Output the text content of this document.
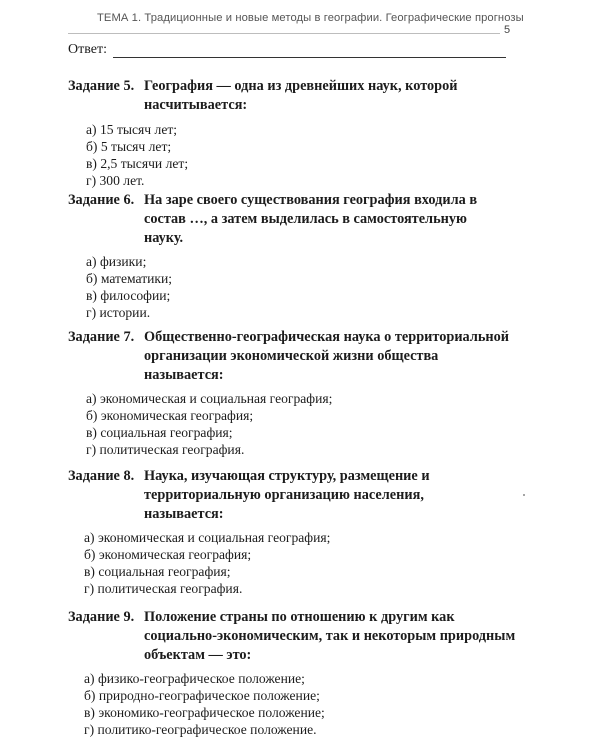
ТЕМА 1. Традиционные и новые методы в географии. Географические прогнозы
5
Ответ:
Задание 5. География — одна из древнейших наук, которой насчитывается:
а) 15 тысяч лет;
б) 5 тысяч лет;
в) 2,5 тысячи лет;
г) 300 лет.
Задание 6. На заре своего существования география входила в состав …, а затем выделилась в самостоятельную науку.
а) физики;
б) математики;
в) философии;
г) истории.
Задание 7. Общественно-географическая наука о территориальной организации экономической жизни общества называется:
а) экономическая и социальная география;
б) экономическая география;
в) социальная география;
г) политическая география.
Задание 8. Наука, изучающая структуру, размещение и территориальную организацию населения, называется:
а) экономическая и социальная география;
б) экономическая география;
в) социальная география;
г) политическая география.
Задание 9. Положение страны по отношению к другим как социально-экономическим, так и некоторым природным объектам — это:
а) физико-географическое положение;
б) природно-географическое положение;
в) экономико-географическое положение;
г) политико-географическое положение.
